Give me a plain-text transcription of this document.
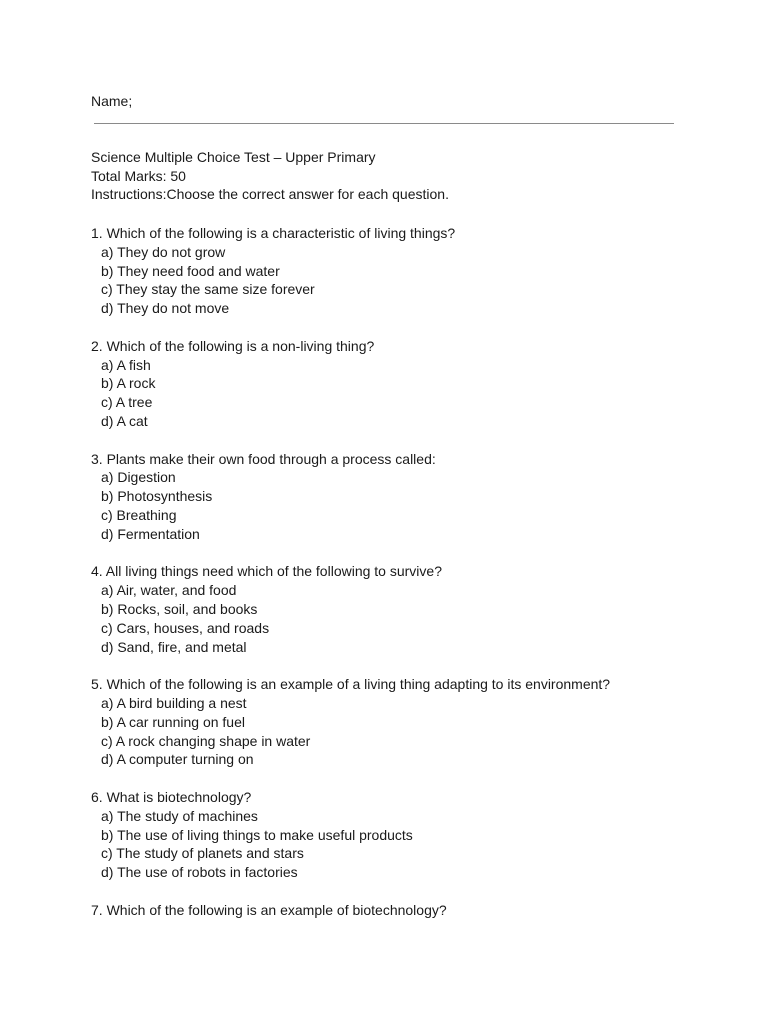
Name;
Science Multiple Choice Test – Upper Primary
Total Marks: 50
Instructions:Choose the correct answer for each question.
1. Which of the following is a characteristic of living things?
a) They do not grow
b) They need food and water
c) They stay the same size forever
d) They do not move
2. Which of the following is a non-living thing?
a) A fish
b) A rock
c) A tree
d) A cat
3. Plants make their own food through a process called:
a) Digestion
b) Photosynthesis
c) Breathing
d) Fermentation
4. All living things need which of the following to survive?
a) Air, water, and food
b) Rocks, soil, and books
c) Cars, houses, and roads
d) Sand, fire, and metal
5. Which of the following is an example of a living thing adapting to its environment?
a) A bird building a nest
b) A car running on fuel
c) A rock changing shape in water
d) A computer turning on
6. What is biotechnology?
a) The study of machines
b) The use of living things to make useful products
c) The study of planets and stars
d) The use of robots in factories
7. Which of the following is an example of biotechnology?
